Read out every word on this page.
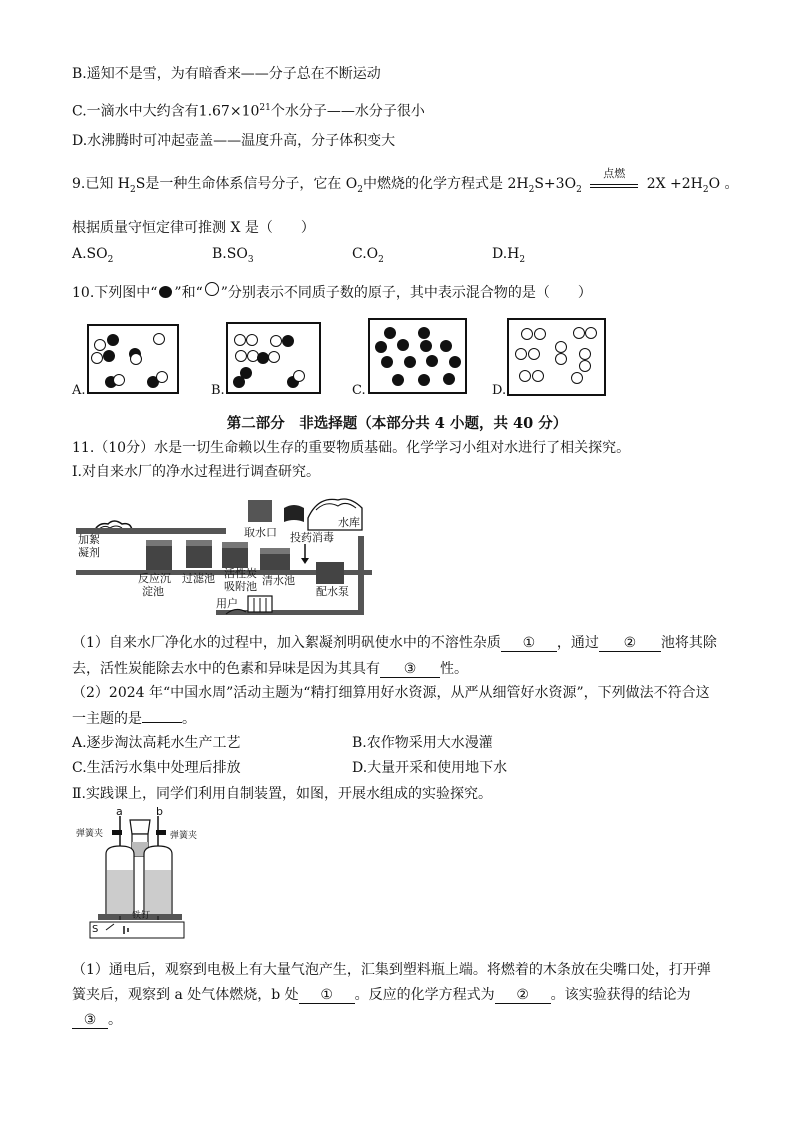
B.遥知不是雪，为有暗香来——分子总在不断运动
C.一滴水中大约含有$1.67\times 10^{21}$个水分子——水分子很小
D.水沸腾时可冲起壶盖——温度升高，分子体积变大
9.已知 $H_2S$是一种生命体系信号分子，它在 $O_2$中燃烧的化学方程式是 $2H_2S+3O_2$
点燃
$2X +2H_2O$ 。
根据质量守恒定律可推测 X 是（　　）
$A.SO_2$	$B.SO_3$	$C.O_2$	$D.H_2$
10.下列图中“ ”和“ ”分别表示不同质子数的原子，其中表示混合物的是（　　）
A.	B.	C.	D.
第二部分　非选择题（本部分共 4 小题，共 40 分）
11.（10分）水是一切生命赖以生存的重要物质基础。化学学习小组对水进行了相关探究。
Ⅰ.对自来水厂的净水过程进行调查研究。
加絮
凝剂
取水口
水库
投药消毒
反应沉
淀池
过滤池 活性炭
吸附池 清水池
配水泵
用户
（1）自来水厂净化水的过程中，加入絮凝剂明矾使水中的不溶性杂质 ① ，通过 ② 池将其除
去，活性炭能除去水中的色素和异味是因为其具有 ③ 性。
（2）2024 年“中国水周”活动主题为“精打细算用好水资源，从严从细管好水资源”，下列做法不符合这
一主题的是	。
A.逐步淘汰高耗水生产工艺	B.农作物采用大水漫灌
C.生活污水集中处理后排放	D.大量开采和使用地下水
Ⅱ.实践课上，同学们利用自制装置，如图，开展水组成的实验探究。
a	b
弹簧夹	弹簧夹
铁钉
S
（1）通电后，观察到电极上有大量气泡产生，汇集到塑料瓶上端。将燃着的木条放在尖嘴口处，打开弹
簧夹后，观察到 a 处气体燃烧，b 处 ① 。反应的化学方程式为 ② 。该实验获得的结论为
③ 。
